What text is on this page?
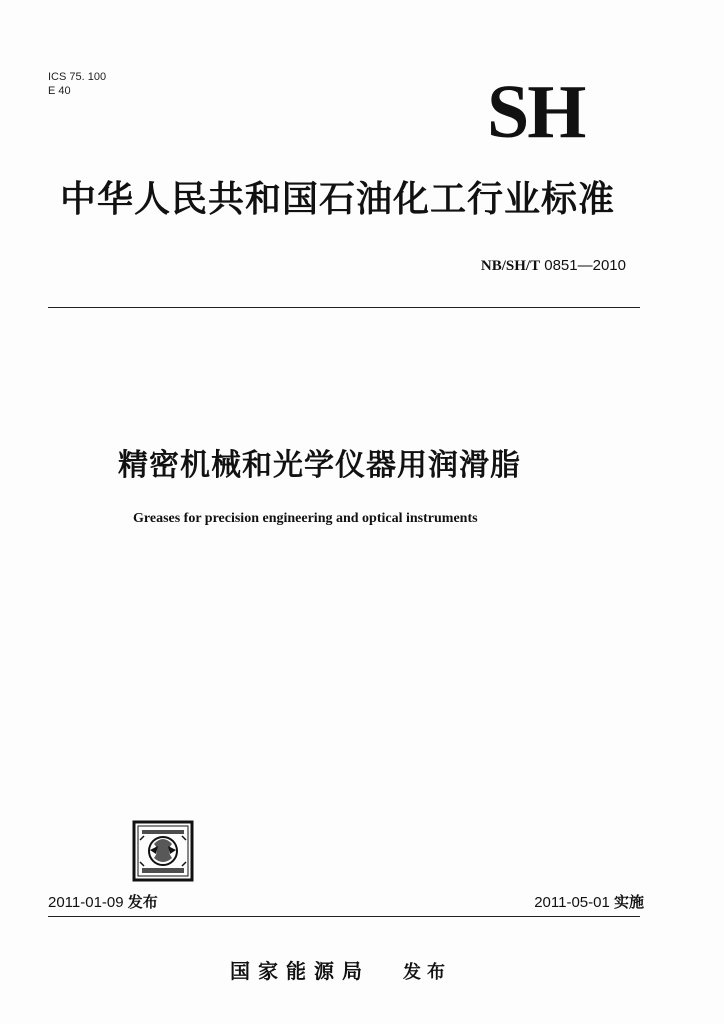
ICS 75. 100
E 40	SH
中华人民共和国石油化工行业标准
NB/SH/T 0851—2010
精密机械和光学仪器用润滑脂
Greases for precision engineering and optical instruments
2011-01-09 发布	2011-05-01 实施
国家能源局 发布
